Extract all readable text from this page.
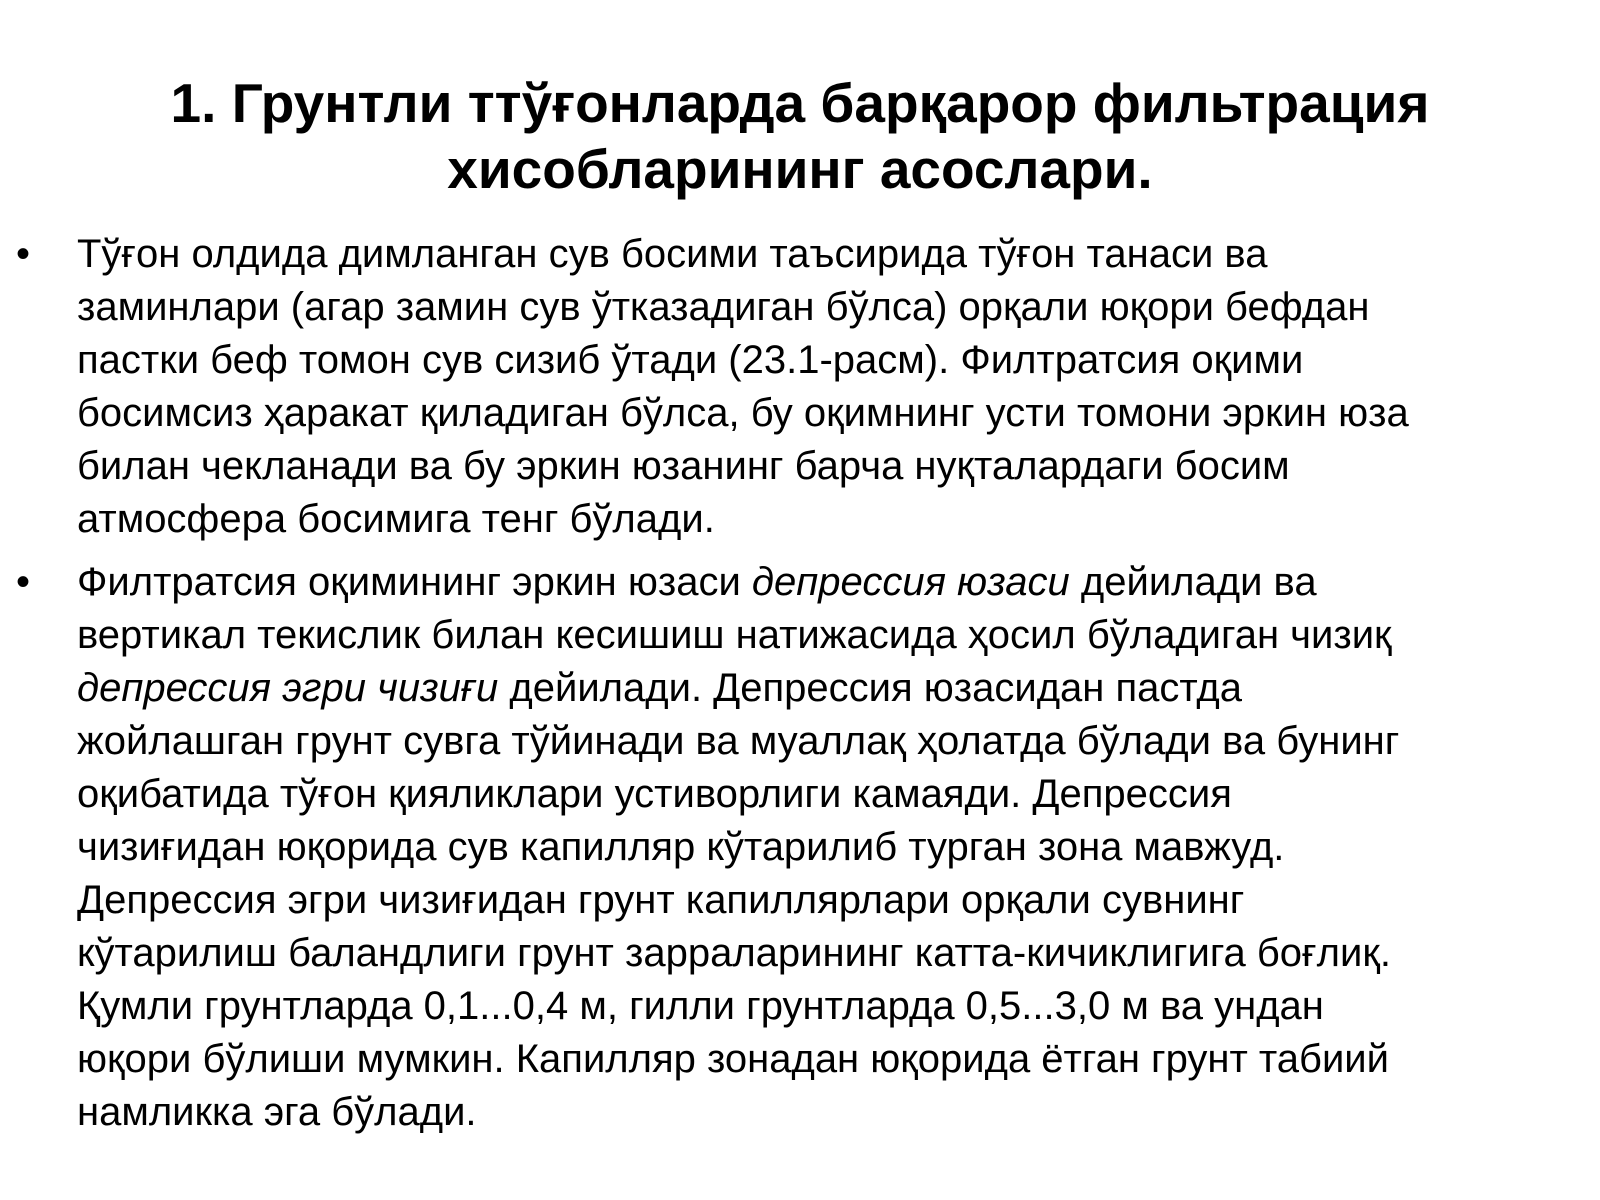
1. Грунтли ттўғонларда барқарор фильтрация
хисобларининг асослари.
• Тўғон олдида димланган сув босими таъсирида тўғон танаси ва
заминлари (агар замин сув ўтказадиган бўлса) орқали юқори бефдан
пастки беф томон сув сизиб ўтади (23.1-расм). Филтратсия оқими
босимсиз ҳаракат қиладиган бўлса, бу оқимнинг усти томони эркин юза
билан чекланади ва бу эркин юзанинг барча нуқталардаги босим
атмосфера босимига тенг бўлади.
• Филтратсия оқимининг эркин юзаси депрессия юзаси дейилади ва
вертикал текислик билан кесишиш натижасида ҳосил бўладиган чизиқ
депрессия эгри чизиғи дейилади. Депрессия юзасидан пастда
жойлашган грунт сувга тўйинади ва муаллақ ҳолатда бўлади ва бунинг
оқибатида тўғон қияликлари устиворлиги камаяди. Депрессия
чизиғидан юқорида сув капилляр кўтарилиб турган зона мавжуд.
Депрессия эгри чизиғидан грунт капиллярлари орқали сувнинг
кўтарилиш баландлиги грунт зарраларининг катта-кичиклигига боғлиқ.
Қумли грунтларда 0,1...0,4 м, гилли грунтларда 0,5...3,0 м ва ундан
юқори бўлиши мумкин. Капилляр зонадан юқорида ётган грунт табиий
намликка эга бўлади.
